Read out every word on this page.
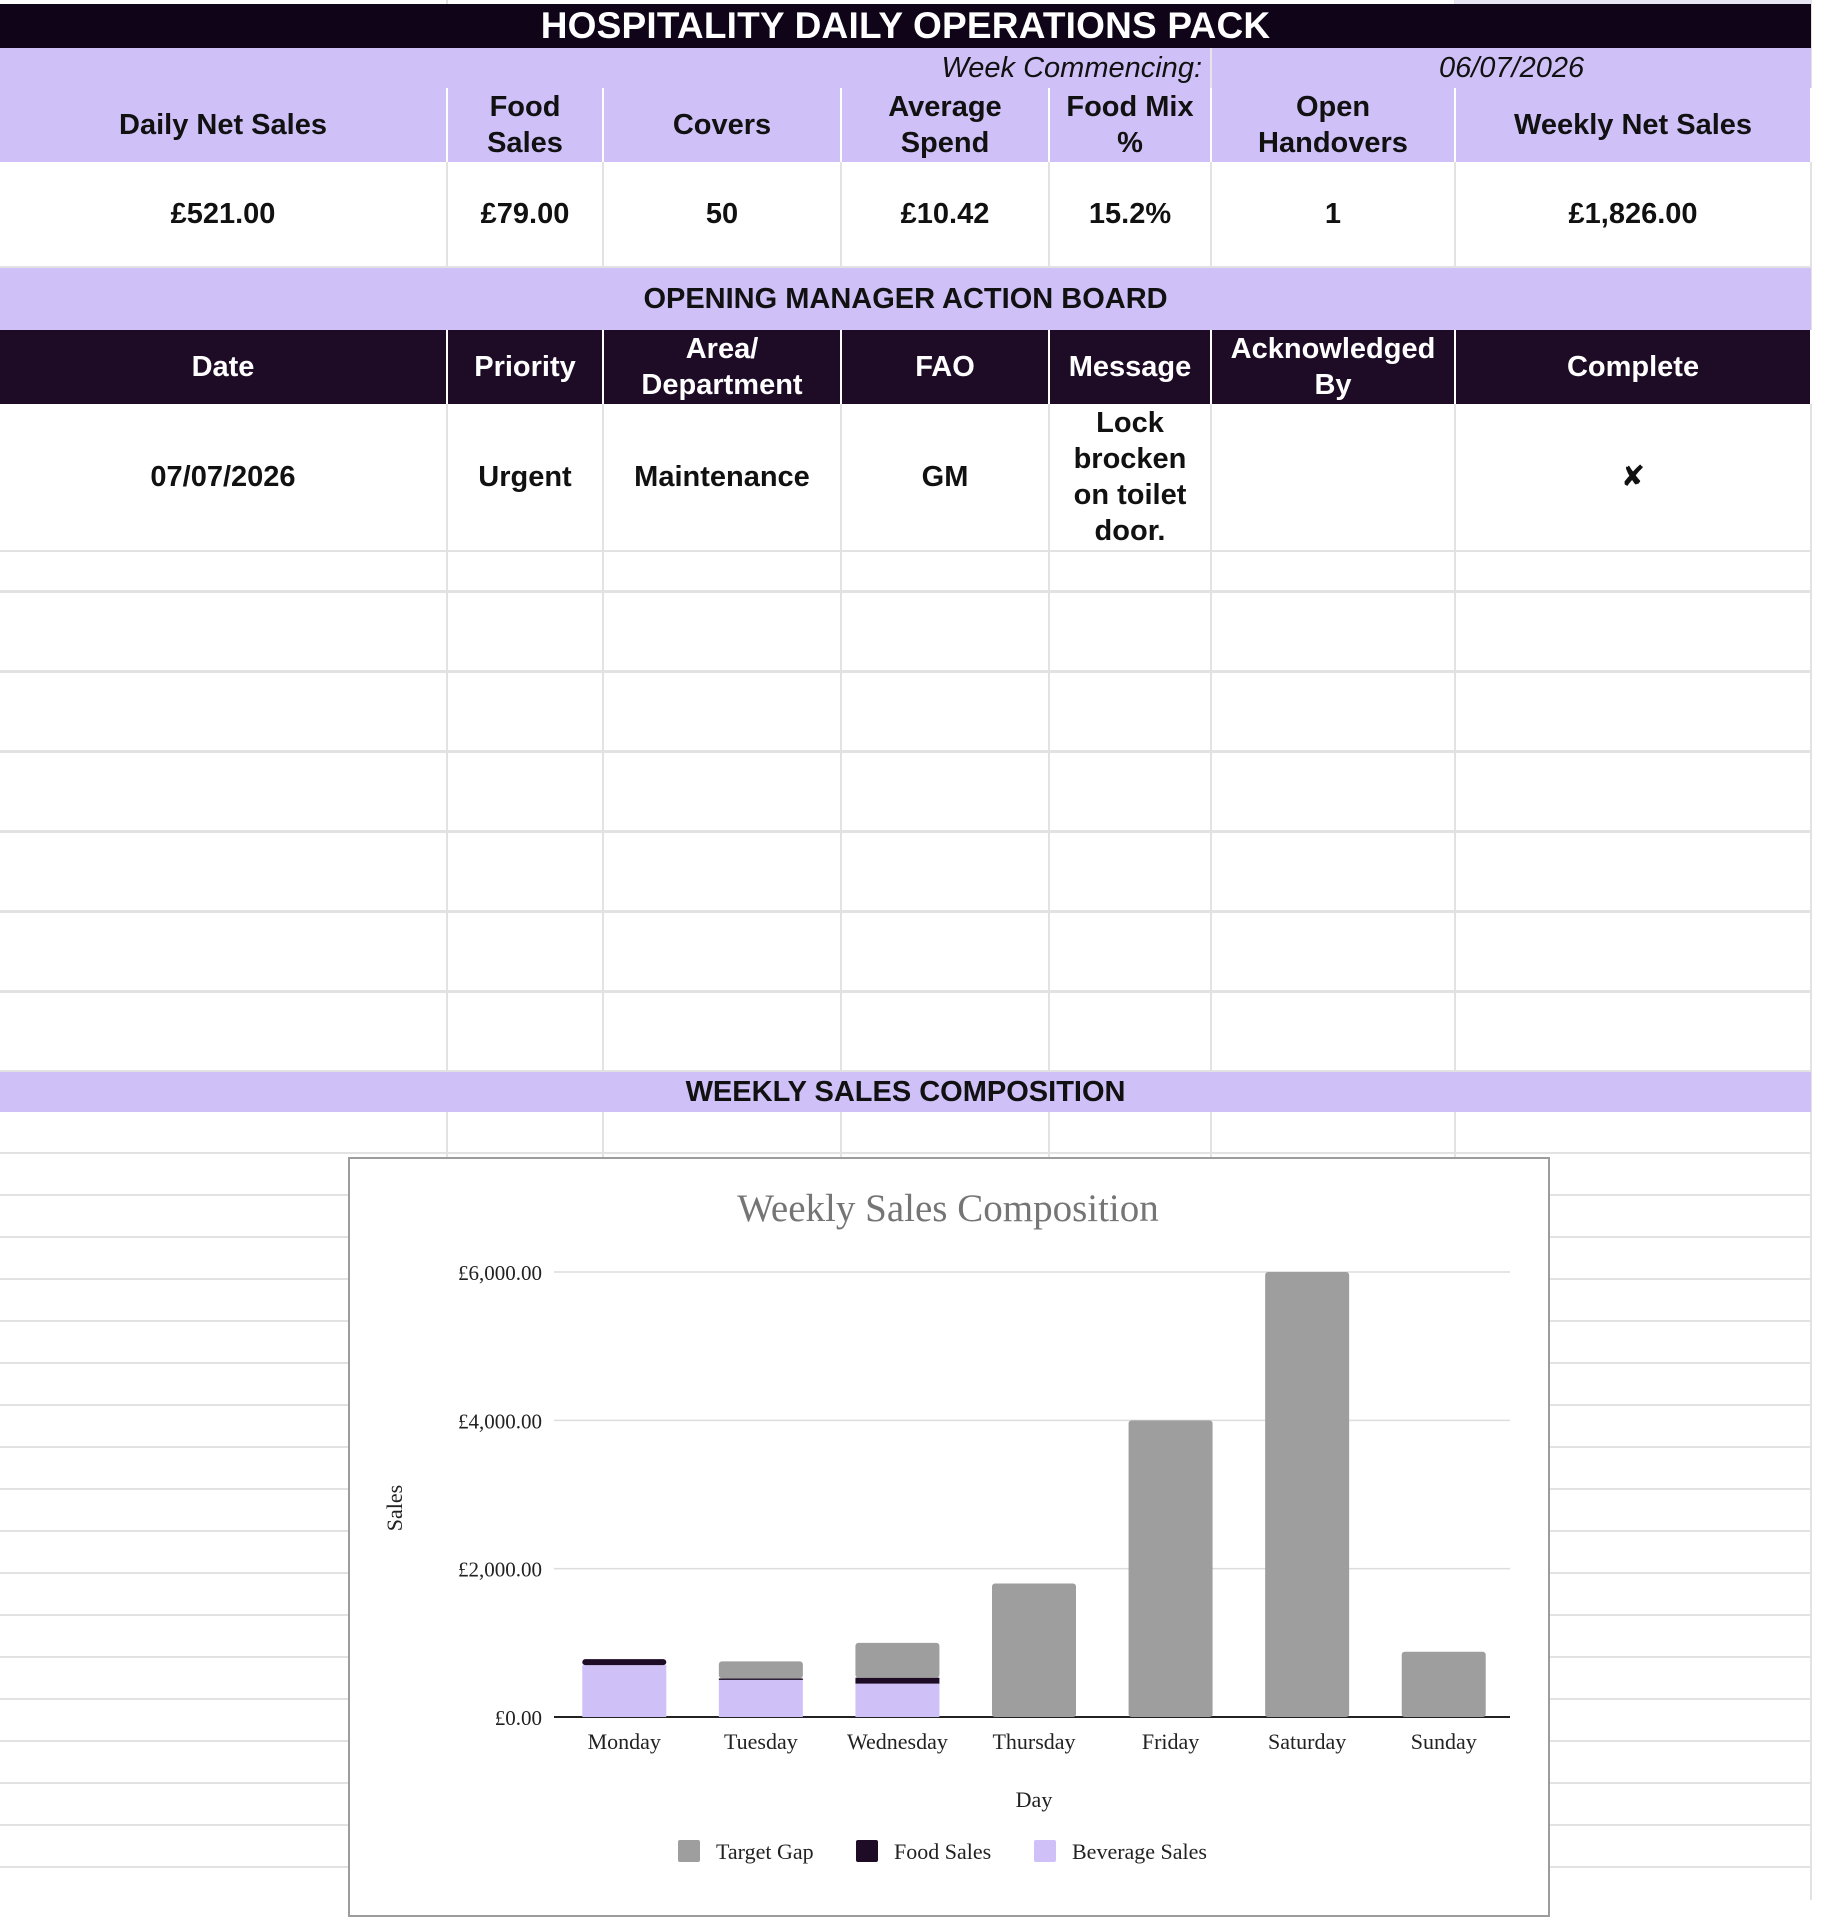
HOSPITALITY DAILY OPERATIONS PACK						
Week Commencing:					06/07/2026	
Daily Net Sales	Food Sales	Covers	Average Spend	Food Mix %	Open Handovers	Weekly Net Sales
£521.00	£79.00	50	£10.42	15.2%	1	£1,826.00
OPENING MANAGER ACTION BOARD						
Date	Priority	Area/ Department	FAO	Message	Acknowledged By	Complete
07/07/2026	Urgent	Maintenance	GM	Lock brocken on toilet door.		✘

WEEKLY SALES COMPOSITION						
Weekly Sales Composition
Sales
Day
£0.00
£2,000.00
£4,000.00
£6,000.00
Monday	Tuesday Wednesday Thursday	Friday	Saturday	Sunday
Target Gap	Food Sales	Beverage Sales
